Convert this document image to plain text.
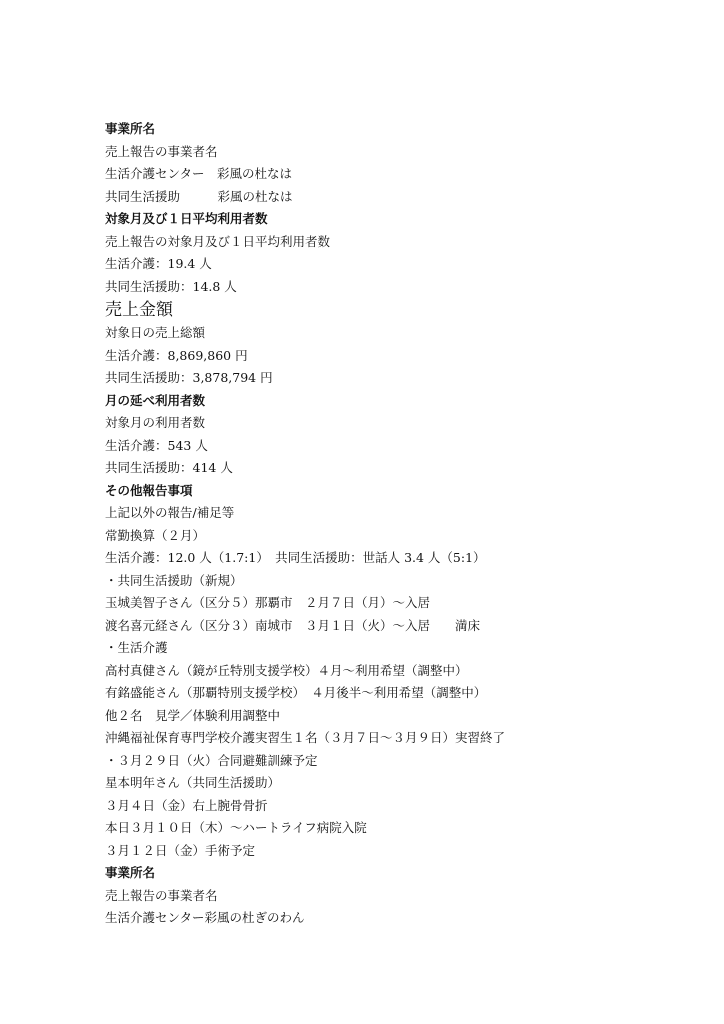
事業所名
売上報告の事業者名
生活介護センター　彩風の杜なは
共同生活援助　　　彩風の杜なは
対象月及び１日平均利用者数
売上報告の対象月及び１日平均利用者数
生活介護：19.4 人
共同生活援助：14.8 人
売上金額
対象日の売上総額
生活介護：8,869,860 円
共同生活援助：3,878,794 円
月の延べ利用者数
対象月の利用者数
生活介護：543 人
共同生活援助：414 人
その他報告事項
上記以外の報告/補足等
常勤換算（２月）
生活介護：12.0 人（1.7:1）　共同生活援助：世話人 3.4 人（5:1）
・共同生活援助（新規）
玉城美智子さん（区分５）那覇市　２月７日（月）～入居
渡名喜元経さん（区分３）南城市　３月１日（火）～入居　　満床
・生活介護
高村真健さん（鏡が丘特別支援学校）４月～利用希望（調整中）
有銘盛能さん（那覇特別支援学校）　４月後半～利用希望（調整中）
他２名　見学／体験利用調整中
沖縄福祉保育専門学校介護実習生１名（３月７日～３月９日）実習終了
・３月２９日（火）合同避難訓練予定
星本明年さん（共同生活援助）
３月４日（金）右上腕骨骨折
本日３月１０日（木）～ハートライフ病院入院
３月１２日（金）手術予定
事業所名
売上報告の事業者名
生活介護センター彩風の杜ぎのわん
